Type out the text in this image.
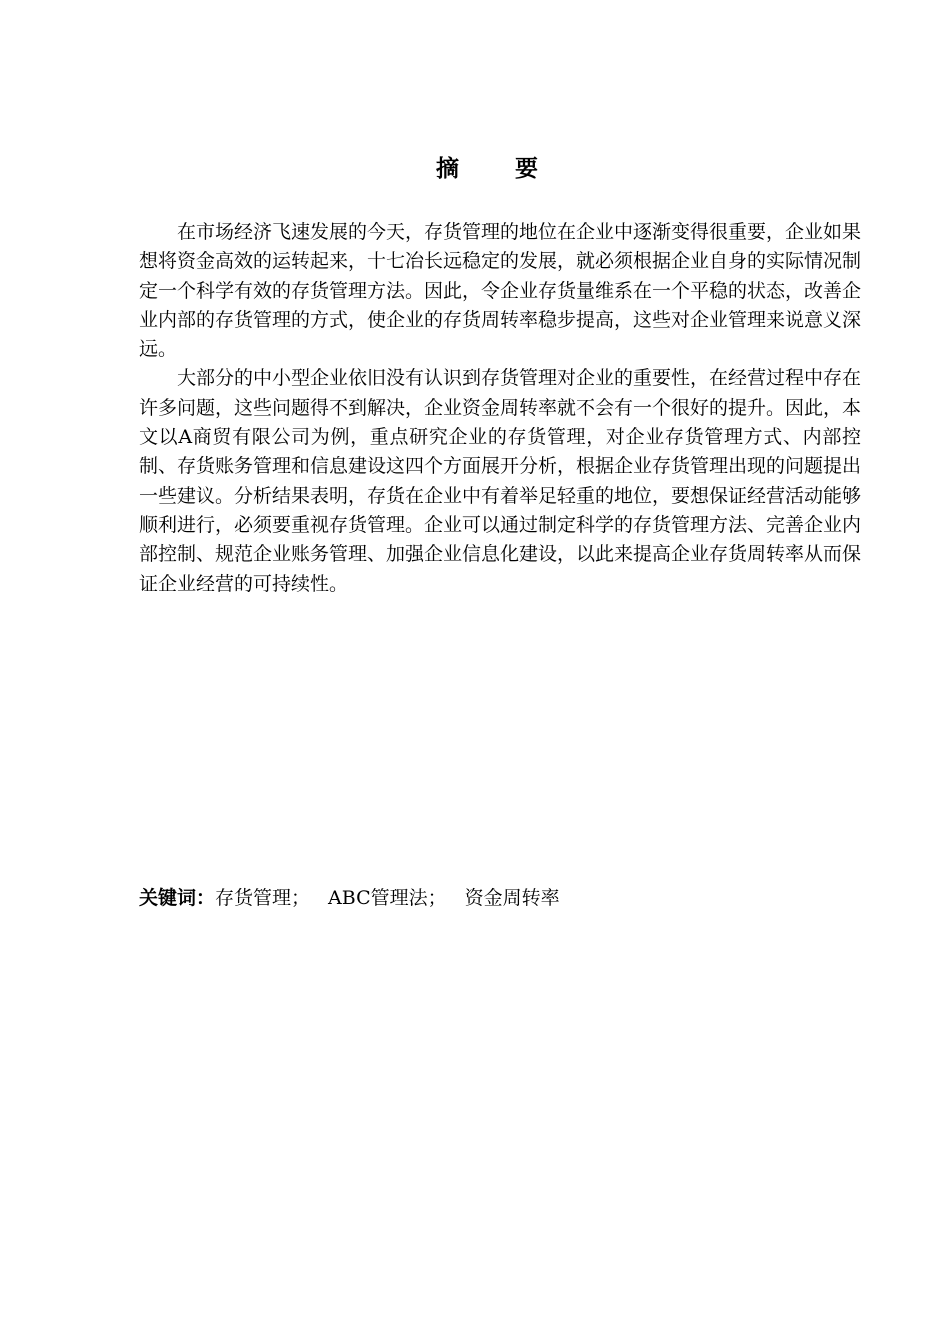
摘 要

在市场经济飞速发展的今天，存货管理的地位在企业中逐渐变得很重要，企业如果想将资金高效的运转起来，十七冶长远稳定的发展，就必须根据企业自身的实际情况制定一个科学有效的存货管理方法。因此，令企业存货量维系在一个平稳的状态，改善企业内部的存货管理的方式，使企业的存货周转率稳步提高，这些对企业管理来说意义深远。

大部分的中小型企业依旧没有认识到存货管理对企业的重要性，在经营过程中存在许多问题，这些问题得不到解决，企业资金周转率就不会有一个很好的提升。因此，本文以A商贸有限公司为例，重点研究企业的存货管理，对企业存货管理方式、内部控制、存货账务管理和信息建设这四个方面展开分析，根据企业存货管理出现的问题提出一些建议。分析结果表明，存货在企业中有着举足轻重的地位，要想保证经营活动能够顺利进行，必须要重视存货管理。企业可以通过制定科学的存货管理方法、完善企业内部控制、规范企业账务管理、加强企业信息化建设，以此来提高企业存货周转率从而保证企业经营的可持续性。

关键词：存货管理； ABC管理法； 资金周转率
